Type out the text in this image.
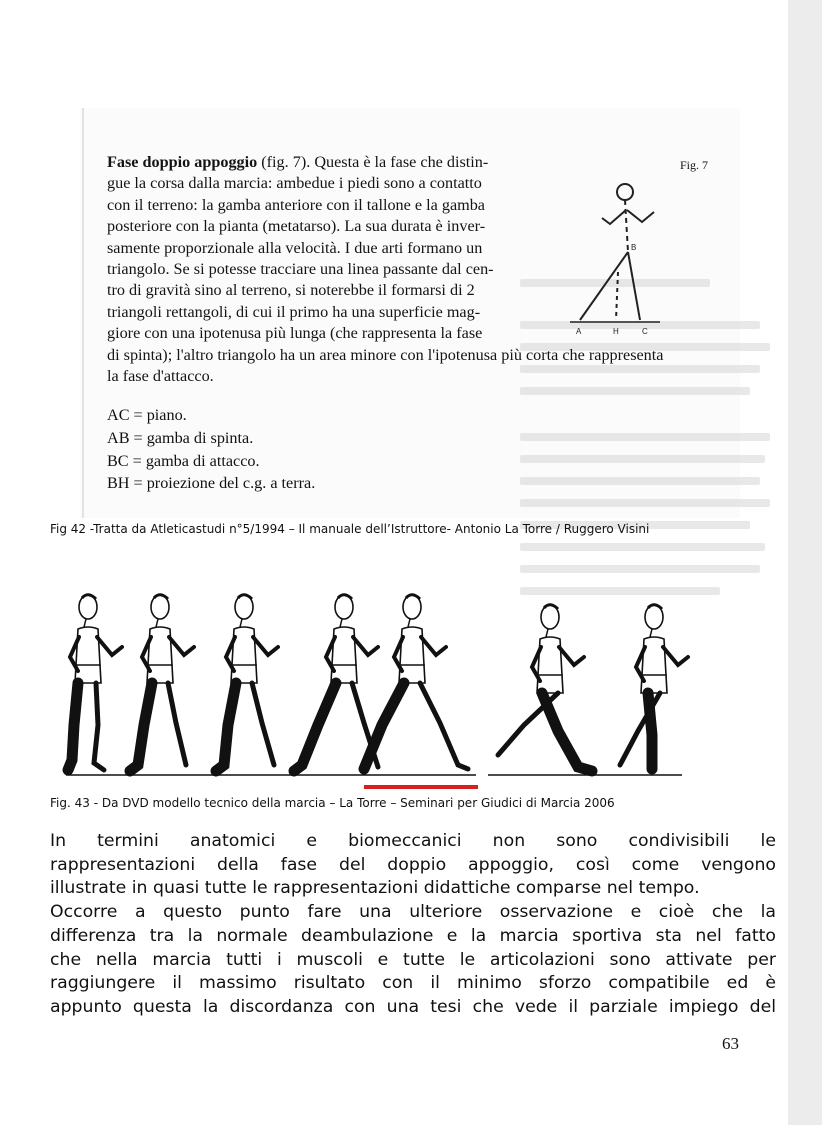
Fase doppio appoggio (fig. 7). Questa è la fase che distin-
gue la corsa dalla marcia: ambedue i piedi sono a contatto
con il terreno: la gamba anteriore con il tallone e la gamba
posteriore con la pianta (metatarso). La sua durata è inver-
samente proporzionale alla velocità. I due arti formano un
triangolo. Se si potesse tracciare una linea passante dal cen-
tro di gravità sino al terreno, si noterebbe il formarsi di 2
triangoli rettangoli, di cui il primo ha una superficie mag-
giore con una ipotenusa più lunga (che rappresenta la fase
di spinta); l'altro triangolo ha un area minore con l'ipotenusa più corta che rappresenta
la fase d'attacco.
Fig. 7
B
A	H	C
AC = piano.
AB = gamba di spinta.
BC = gamba di attacco.
BH = proiezione del c.g. a terra.
Fig 42 -Tratta da Atleticastudi n°5/1994 – Il manuale dell’Istruttore- Antonio La Torre / Ruggero Visini
Fig. 43 - Da DVD modello tecnico della marcia – La Torre – Seminari per Giudici di Marcia 2006
In termini anatomici e biomeccanici non sono condivisibili le
rappresentazioni della fase del doppio appoggio, così come vengono
illustrate in quasi tutte le rappresentazioni didattiche comparse nel tempo.
Occorre a questo punto fare una ulteriore osservazione e cioè che la
differenza tra la normale deambulazione e la marcia sportiva sta nel fatto
che nella marcia tutti i muscoli e tutte le articolazioni sono attivate per
raggiungere il massimo risultato con il minimo sforzo compatibile ed è
appunto questa la discordanza con una tesi che vede il parziale impiego del
63
